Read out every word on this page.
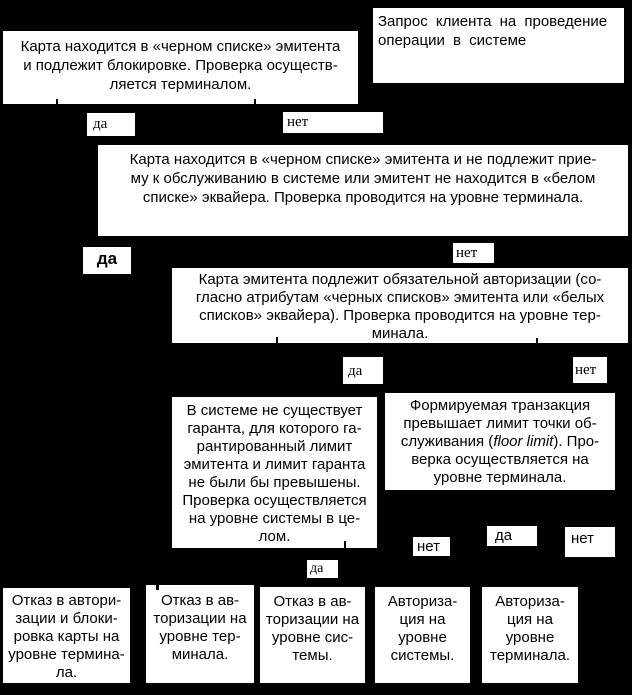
Карта находится в «черном списке» эмитента
и подлежит блокировке. Проверка осуществ-
ляется терминалом.
Запрос клиента на проведение
операции в системе
да	нет
Карта находится в «черном списке» эмитента и не подлежит прие-
му к обслуживанию в системе или эмитент не находится в «белом
списке» эквайера. Проверка проводится на уровне терминала.
нет
да
Карта эмитента подлежит обязательной авторизации (со-
гласно атрибутам «черных списков» эмитента или «белых
списков» эквайера). Проверка проводится на уровне тер-
минала.
да	нет
В системе не существует
гаранта, для которого га-
рантированный лимит
эмитента и лимит гаранта
не были бы превышены.
Проверка осуществляется
на уровне системы в це-
лом.
Формируемая транзакция
превышает лимит точки об-
служивания (floor limit). Про-
верка осуществляется на
уровне терминала.
да
нет
да	нет
Отказ в автори-
зации и блоки-
ровка карты на
уровне термина-
ла.
Отказ в ав-
торизации на
уровне тер-
минала.
Отказ в ав-
торизации на
уровне сис-
темы.
Авториза-
ция на
уровне
системы.
Авториза-
ция на
уровне
терминала.
